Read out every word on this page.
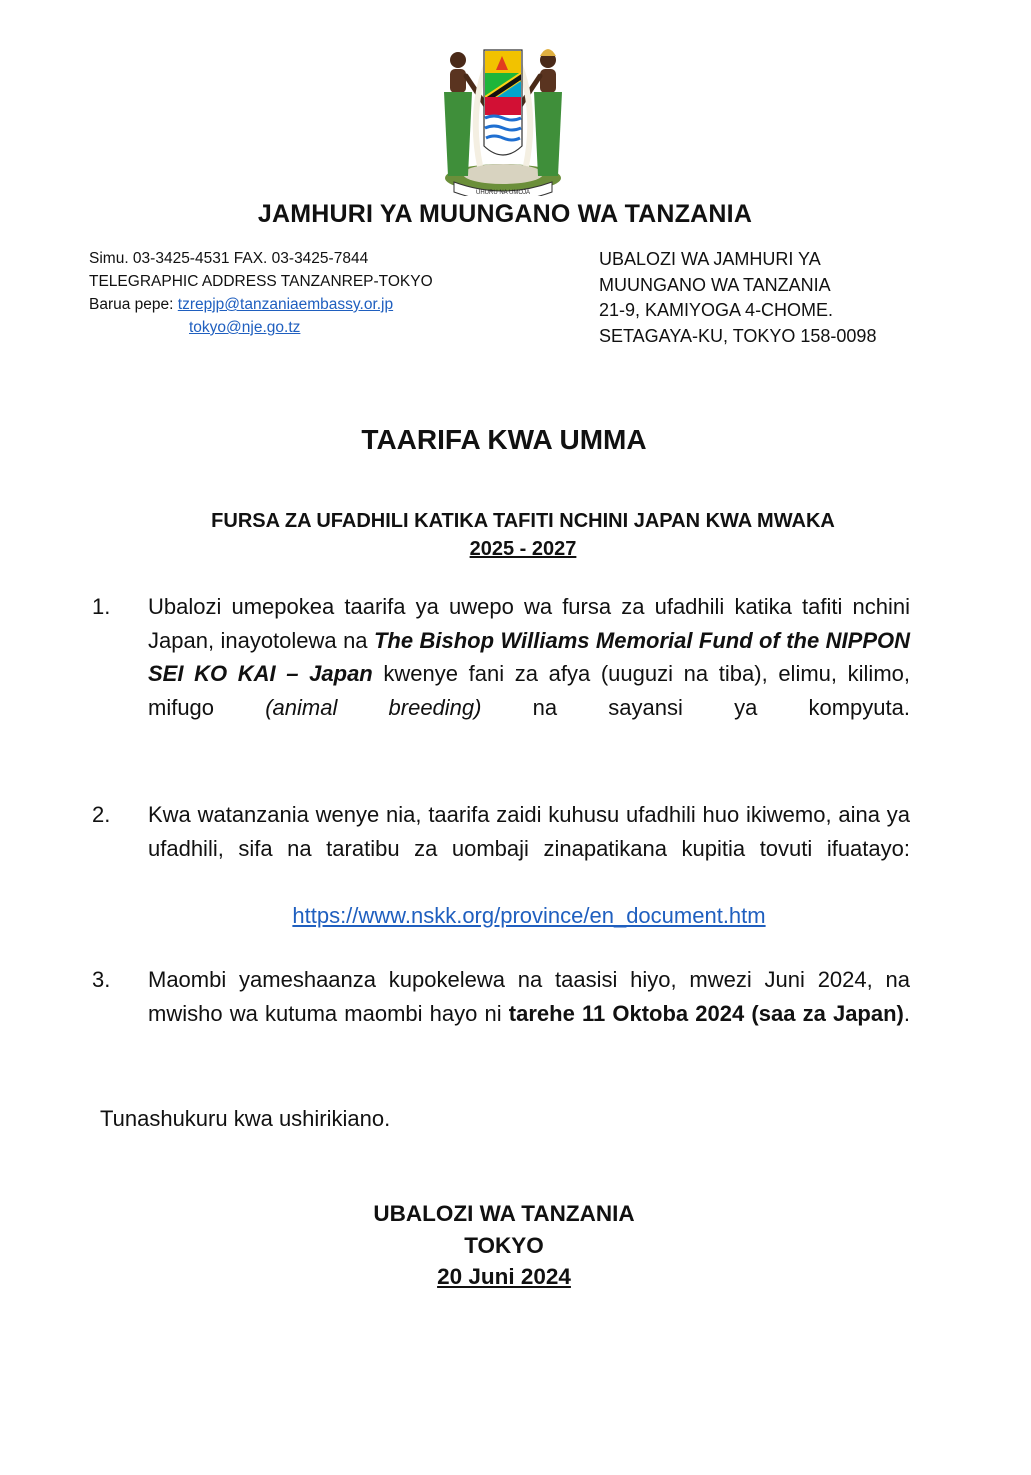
UHURU NA UMOJA
JAMHURI YA MUUNGANO WA TANZANIA
Simu. 03-3425-4531 FAX. 03-3425-7844
TELEGRAPHIC ADDRESS TANZANREP-TOKYO
Barua pepe: tzrepjp@tanzaniaembassy.or.jp
tokyo@nje.go.tz
UBALOZI WA JAMHURI YA
MUUNGANO WA TANZANIA
21-9, KAMIYOGA 4-CHOME.
SETAGAYA-KU, TOKYO 158-0098
TAARIFA KWA UMMA
FURSA ZA UFADHILI KATIKA TAFITI NCHINI JAPAN KWA MWAKA
2025 - 2027
1. Ubalozi umepokea taarifa ya uwepo wa fursa za ufadhili katika tafiti nchini Japan, inayotolewa na The Bishop Williams Memorial Fund of the NIPPON SEI KO KAI – Japan kwenye fani za afya (uuguzi na tiba), elimu, kilimo, mifugo (animal breeding) na sayansi ya kompyuta.
2. Kwa watanzania wenye nia, taarifa zaidi kuhusu ufadhili huo ikiwemo, aina ya ufadhili, sifa na taratibu za uombaji zinapatikana kupitia tovuti ifuatayo:
https://www.nskk.org/province/en_document.htm
3. Maombi yameshaanza kupokelewa na taasisi hiyo, mwezi Juni 2024, na mwisho wa kutuma maombi hayo ni tarehe 11 Oktoba 2024 (saa za Japan).
Tunashukuru kwa ushirikiano.
UBALOZI WA TANZANIA
TOKYO
20 Juni 2024
